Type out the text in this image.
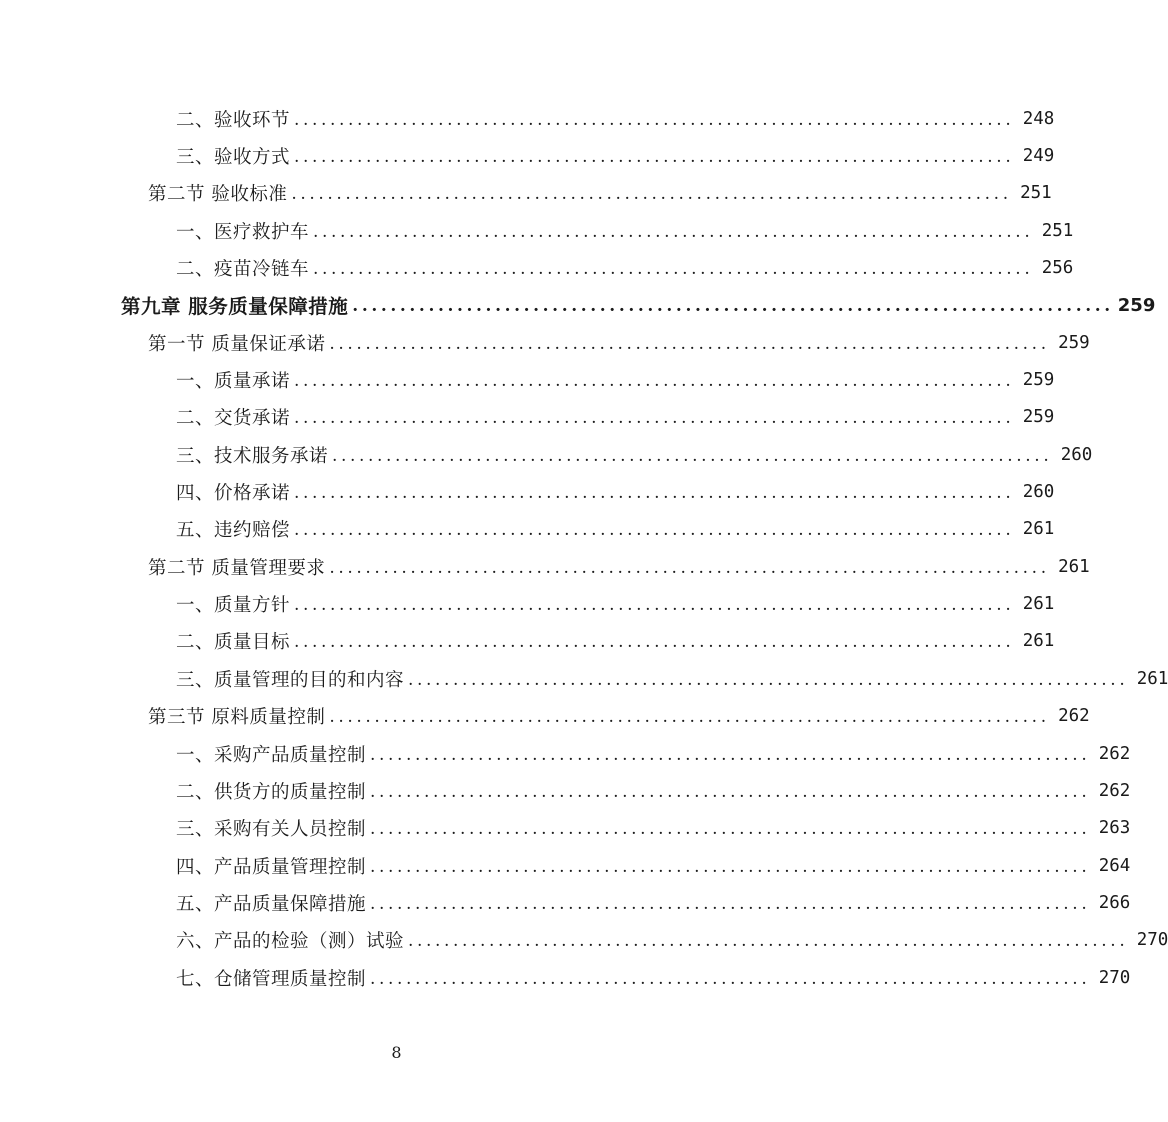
二、验收环节 ................................................................................ 248
三、验收方式 ................................................................................ 249
第二节 验收标准 ................................................................................ 251
一、医疗救护车 ................................................................................ 251
二、疫苗冷链车 ................................................................................ 256
第九章 服务质量保障措施 ................................................................................ 259
第一节 质量保证承诺 ................................................................................ 259
一、质量承诺 ................................................................................ 259
二、交货承诺 ................................................................................ 259
三、技术服务承诺 ................................................................................ 260
四、价格承诺 ................................................................................ 260
五、违约赔偿 ................................................................................ 261
第二节 质量管理要求 ................................................................................ 261
一、质量方针 ................................................................................ 261
二、质量目标 ................................................................................ 261
三、质量管理的目的和内容 ................................................................................ 261
第三节 原料质量控制 ................................................................................ 262
一、采购产品质量控制 ................................................................................ 262
二、供货方的质量控制 ................................................................................ 262
三、采购有关人员控制 ................................................................................ 263
四、产品质量管理控制 ................................................................................ 264
五、产品质量保障措施 ................................................................................ 266
六、产品的检验（测）试验 ................................................................................ 270
七、仓储管理质量控制 ................................................................................ 270
8
